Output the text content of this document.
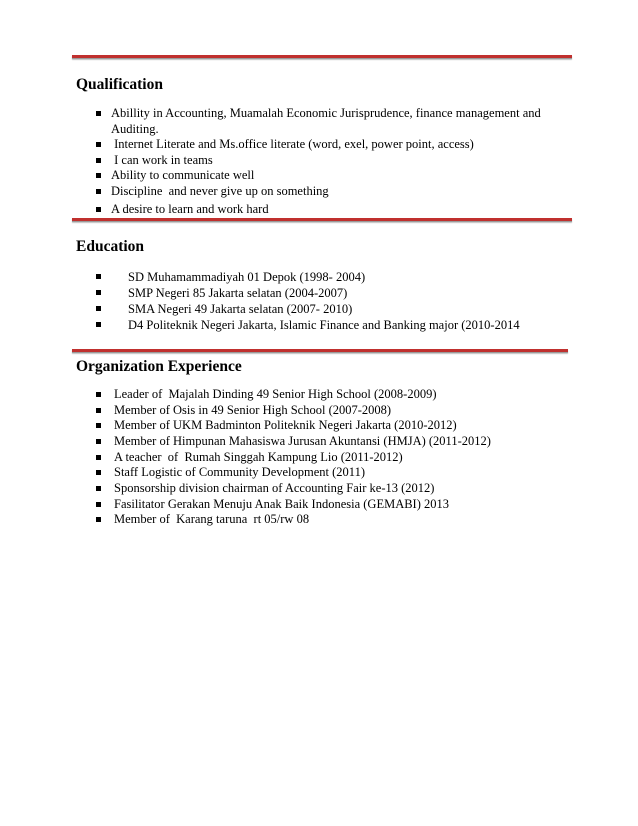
Qualification
Abillity in Accounting, Muamalah Economic Jurisprudence, finance management and Auditing.
Internet Literate and Ms.office literate (word, exel, power point, access)
I can work in teams
Ability to communicate well
Discipline  and never give up on something
A desire to learn and work hard
Education
SD Muhamammadiyah 01 Depok (1998- 2004)
SMP Negeri 85 Jakarta selatan (2004-2007)
SMA Negeri 49 Jakarta selatan (2007- 2010)
D4 Politeknik Negeri Jakarta, Islamic Finance and Banking major (2010-2014
Organization Experience
Leader of  Majalah Dinding 49 Senior High School (2008-2009)
Member of Osis in 49 Senior High School (2007-2008)
Member of UKM Badminton Politeknik Negeri Jakarta (2010-2012)
Member of Himpunan Mahasiswa Jurusan Akuntansi (HMJA) (2011-2012)
A teacher  of  Rumah Singgah Kampung Lio (2011-2012)
Staff Logistic of Community Development (2011)
Sponsorship division chairman of Accounting Fair ke-13 (2012)
Fasilitator Gerakan Menuju Anak Baik Indonesia (GEMABI) 2013
Member of  Karang taruna  rt 05/rw 08
